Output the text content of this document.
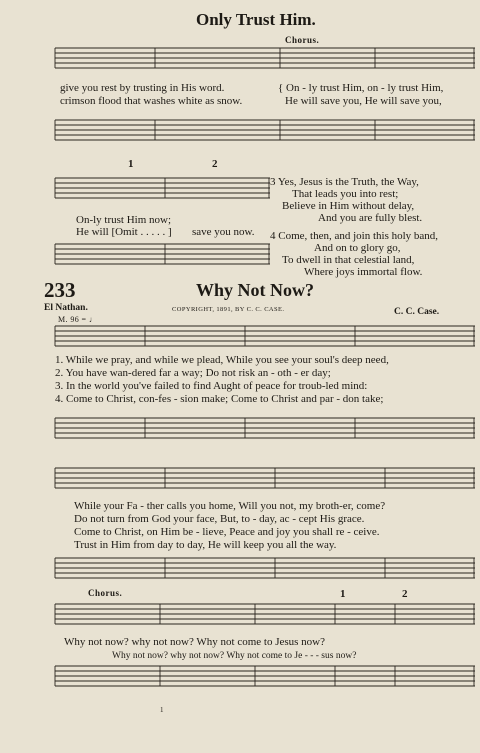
Only Trust Him.
Chorus.
give you rest by trusting in His word.	{ On - ly trust Him, on - ly trust Him,
crimson flood that washes white as snow.	He will save you, He will save you,
1	2
On-ly trust Him now;
He will [Omit . . . . . ] save you now.
3 Yes, Jesus is the Truth, the Way,
That leads you into rest;
Believe in Him without delay,
And you are fully blest.
4 Come, then, and join this holy band,
And on to glory go,
To dwell in that celestial land,
Where joys immortal flow.
233	Why Not Now?
El Nathan.	COPYRIGHT, 1891, BY C. C. CASE.	C. C. Case.
M. 96 = ♩
1. While we pray, and while we plead, While you see your soul's deep need,
2. You have wan-dered far a way; Do not risk an - oth - er day;
3. In the world you've failed to find Aught of peace for troub-led mind:
4. Come to Christ, con-fes - sion make; Come to Christ and par - don take;
While your Fa - ther calls you home, Will you not, my broth-er, come?
Do not turn from God your face, But, to - day, ac - cept His grace.
Come to Christ, on Him be - lieve, Peace and joy you shall re - ceive.
Trust in Him from day to day, He will keep you all the way.
Chorus.	1	2
Why not now? why not now? Why not come to Jesus now?
Why not now? why not now? Why not come to Je - - - sus now?
1
